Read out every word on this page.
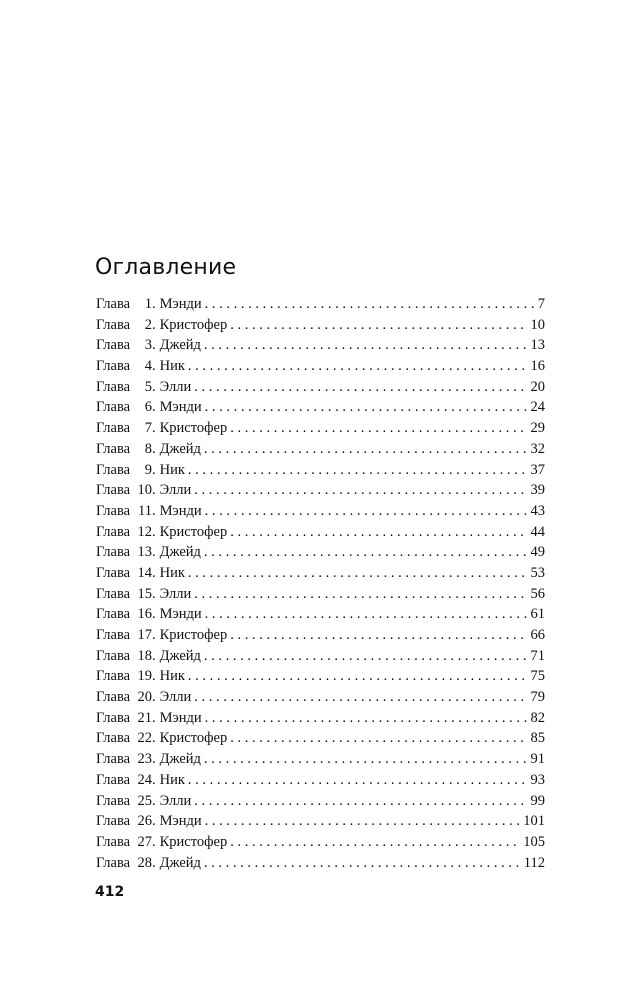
Оглавление
Глава	1 . Мэнди . . .	7
Глава	2 . Кристофер . . .	10
Глава	3 . Джейд . . .	13
Глава	4 . Ник . . .	16
Глава	5 . Элли . . .	20
Глава	6 . Мэнди . . .	24
Глава	7 . Кристофер . . .	29
Глава	8 . Джейд . . .	32
Глава	9 . Ник . . .	37
Глава 10 . Элли . . .	39
Глава 11 . Мэнди . . .	43
Глава 12 . Кристофер . . .	44
Глава 13 . Джейд . . .	49
Глава 14 . Ник . . .	53
Глава 15 . Элли . . .	56
Глава 16 . Мэнди . . .	61
Глава 17 . Кристофер . . .	66
Глава 18 . Джейд . . .	71
Глава 19 . Ник . . .	75
Глава 20 . Элли . . .	79
Глава 21 . Мэнди . . .	82
Глава 22 . Кристофер . . .	85
Глава 23 . Джейд . . .	91
Глава 24 . Ник . . .	93
Глава 25 . Элли . . .	99
Глава 26 . Мэнди . . .	101
Глава 27 . Кристофер . . .	105
Глава 28 . Джейд . . .	112
412
